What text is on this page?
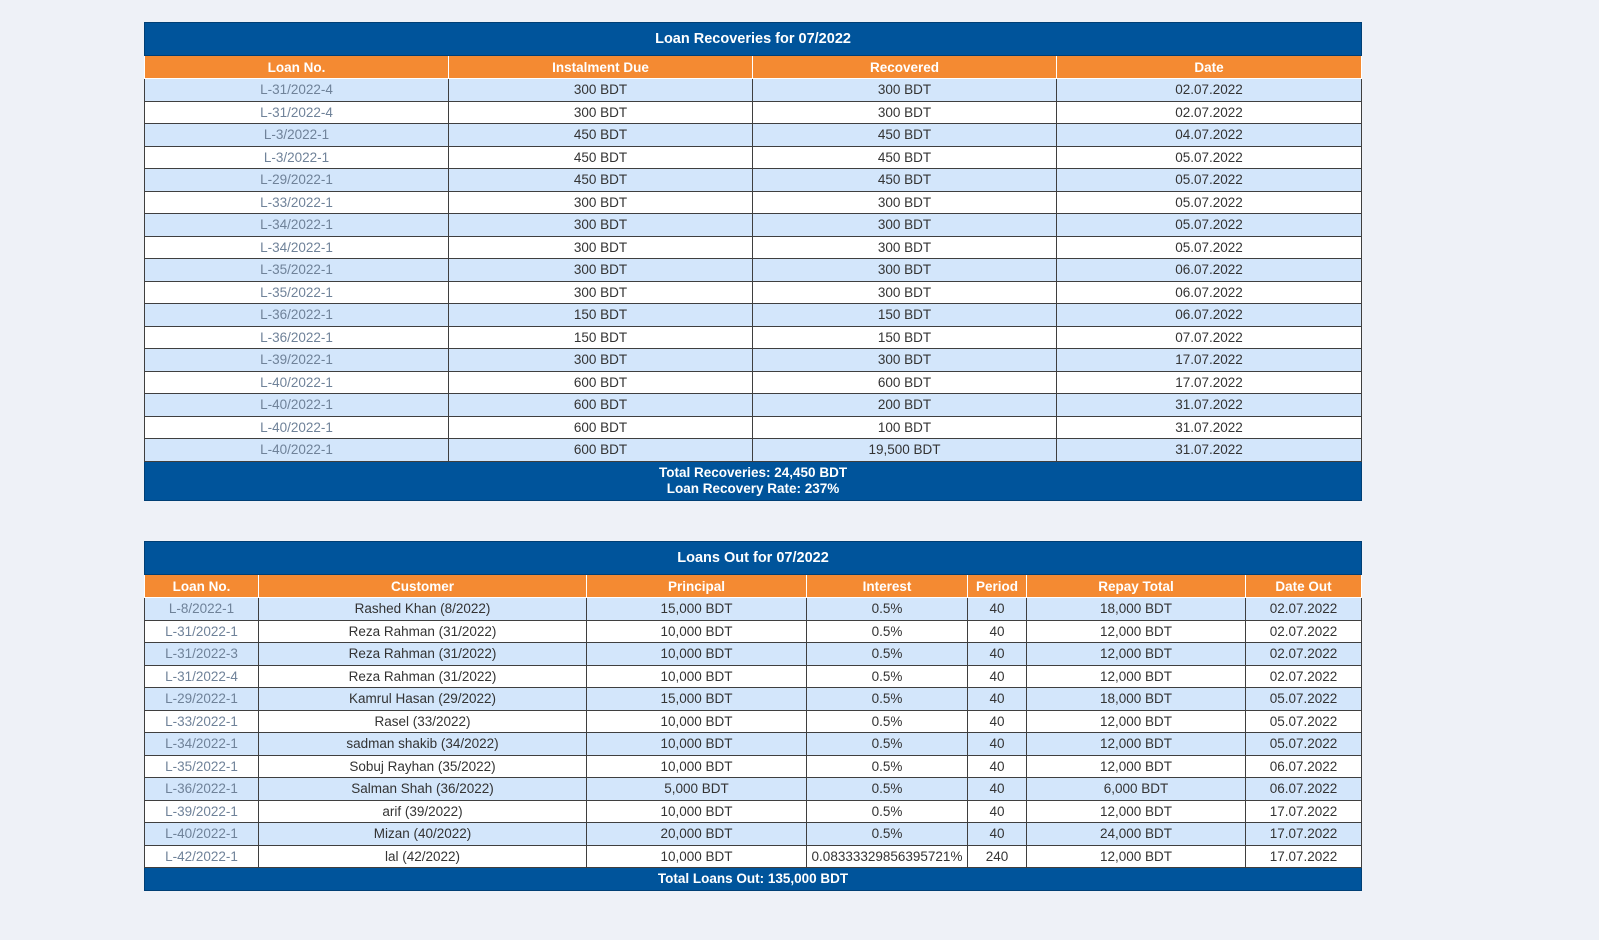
Loan Recoveries for 07/2022			
Loan No.	Instalment Due	Recovered	Date
L-31/2022-4	300 BDT	300 BDT	02.07.2022
L-31/2022-4	300 BDT	300 BDT	02.07.2022
L-3/2022-1	450 BDT	450 BDT	04.07.2022
L-3/2022-1	450 BDT	450 BDT	05.07.2022
L-29/2022-1	450 BDT	450 BDT	05.07.2022
L-33/2022-1	300 BDT	300 BDT	05.07.2022
L-34/2022-1	300 BDT	300 BDT	05.07.2022
L-34/2022-1	300 BDT	300 BDT	05.07.2022
L-35/2022-1	300 BDT	300 BDT	06.07.2022
L-35/2022-1	300 BDT	300 BDT	06.07.2022
L-36/2022-1	150 BDT	150 BDT	06.07.2022
L-36/2022-1	150 BDT	150 BDT	07.07.2022
L-39/2022-1	300 BDT	300 BDT	17.07.2022
L-40/2022-1	600 BDT	600 BDT	17.07.2022
L-40/2022-1	600 BDT	200 BDT	31.07.2022
L-40/2022-1	600 BDT	100 BDT	31.07.2022
L-40/2022-1	600 BDT	19,500 BDT	31.07.2022

Total Recoveries: 24,450 BDT
Loan Recovery Rate: 237%			
Loans Out for 07/2022						
Loan No.	Customer	Principal	Interest	Period	Repay Total	Date Out
L-8/2022-1	Rashed Khan (8/2022)	15,000 BDT	0.5%	40	18,000 BDT	02.07.2022
L-31/2022-1	Reza Rahman (31/2022)	10,000 BDT	0.5%	40	12,000 BDT	02.07.2022
L-31/2022-3	Reza Rahman (31/2022)	10,000 BDT	0.5%	40	12,000 BDT	02.07.2022
L-31/2022-4	Reza Rahman (31/2022)	10,000 BDT	0.5%	40	12,000 BDT	02.07.2022
L-29/2022-1	Kamrul Hasan (29/2022)	15,000 BDT	0.5%	40	18,000 BDT	05.07.2022
L-33/2022-1	Rasel (33/2022)	10,000 BDT	0.5%	40	12,000 BDT	05.07.2022
L-34/2022-1	sadman shakib (34/2022)	10,000 BDT	0.5%	40	12,000 BDT	05.07.2022
L-35/2022-1	Sobuj Rayhan (35/2022)	10,000 BDT	0.5%	40	12,000 BDT	06.07.2022
L-36/2022-1	Salman Shah (36/2022)	5,000 BDT	0.5%	40	6,000 BDT	06.07.2022
L-39/2022-1	arif (39/2022)	10,000 BDT	0.5%	40	12,000 BDT	17.07.2022
L-40/2022-1	Mizan (40/2022)	20,000 BDT	0.5%	40	24,000 BDT	17.07.2022
L-42/2022-1	lal (42/2022)	10,000 BDT	0.08333329856395721%	240	12,000 BDT	17.07.2022
Total Loans Out: 135,000 BDT						
